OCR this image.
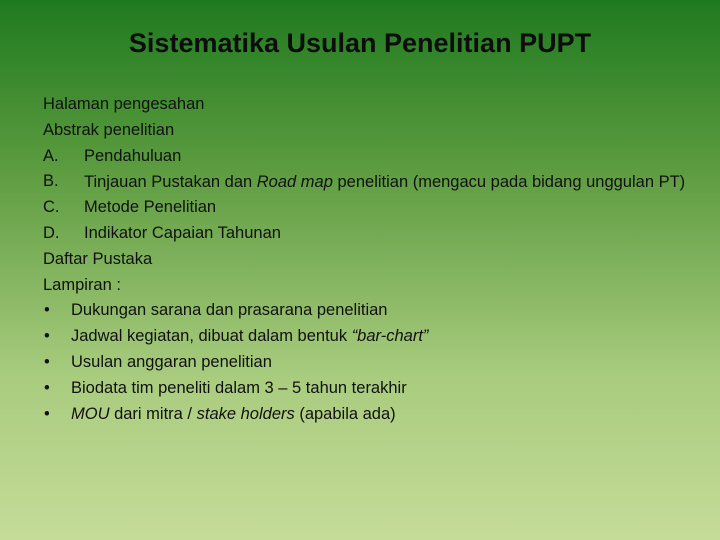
Sistematika Usulan Penelitian PUPT
Halaman pengesahan
Abstrak penelitian
A.	Pendahuluan
B.	Tinjauan Pustakan dan Road map penelitian (mengacu pada bidang unggulan PT)
C.	Metode Penelitian
D.	Indikator Capaian Tahunan
Daftar Pustaka
Lampiran :
•	Dukungan sarana dan prasarana penelitian
•	Jadwal kegiatan, dibuat dalam bentuk “bar-chart”
•	Usulan anggaran penelitian
•	Biodata tim peneliti dalam 3 – 5 tahun terakhir
•	MOU dari mitra / stake holders (apabila ada)
